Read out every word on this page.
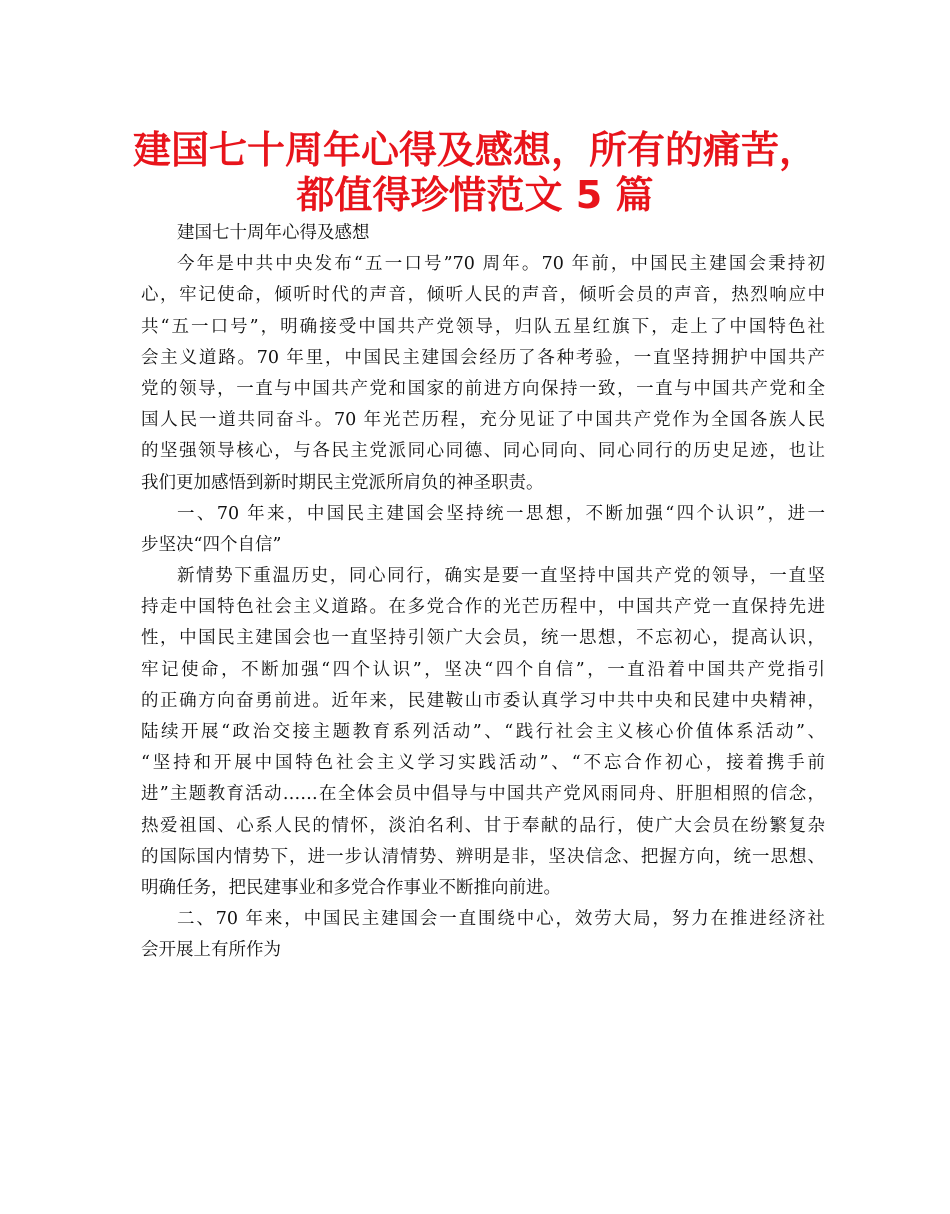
建国七十周年心得及感想，所有的痛苦，
都值得珍惜范文 5 篇
建国七十周年心得及感想
今年是中共中央发布“五一口号”70 周年。70 年前，中国民主建国会秉持初
心，牢记使命，倾听时代的声音，倾听人民的声音，倾听会员的声音，热烈响应中
共“五一口号”，明确接受中国共产党领导，归队五星红旗下，走上了中国特色社
会主义道路。70 年里，中国民主建国会经历了各种考验，一直坚持拥护中国共产
党的领导，一直与中国共产党和国家的前进方向保持一致，一直与中国共产党和全
国人民一道共同奋斗。70 年光芒历程，充分见证了中国共产党作为全国各族人民
的坚强领导核心，与各民主党派同心同德、同心同向、同心同行的历史足迹，也让
我们更加感悟到新时期民主党派所肩负的神圣职责。
一、70 年来，中国民主建国会坚持统一思想，不断加强“四个认识”，进一
步坚决“四个自信”
新情势下重温历史，同心同行，确实是要一直坚持中国共产党的领导，一直坚
持走中国特色社会主义道路。在多党合作的光芒历程中，中国共产党一直保持先进
性，中国民主建国会也一直坚持引领广大会员，统一思想，不忘初心，提高认识，
牢记使命，不断加强“四个认识”，坚决“四个自信”，一直沿着中国共产党指引
的正确方向奋勇前进。近年来，民建鞍山市委认真学习中共中央和民建中央精神，
陆续开展“政治交接主题教育系列活动”、“践行社会主义核心价值体系活动”、
“坚持和开展中国特色社会主义学习实践活动”、“不忘合作初心，接着携手前
进”主题教育活动……在全体会员中倡导与中国共产党风雨同舟、肝胆相照的信念，
热爱祖国、心系人民的情怀，淡泊名利、甘于奉献的品行，使广大会员在纷繁复杂
的国际国内情势下，进一步认清情势、辨明是非，坚决信念、把握方向，统一思想、
明确任务，把民建事业和多党合作事业不断推向前进。
二、70 年来，中国民主建国会一直围绕中心，效劳大局，努力在推进经济社
会开展上有所作为
